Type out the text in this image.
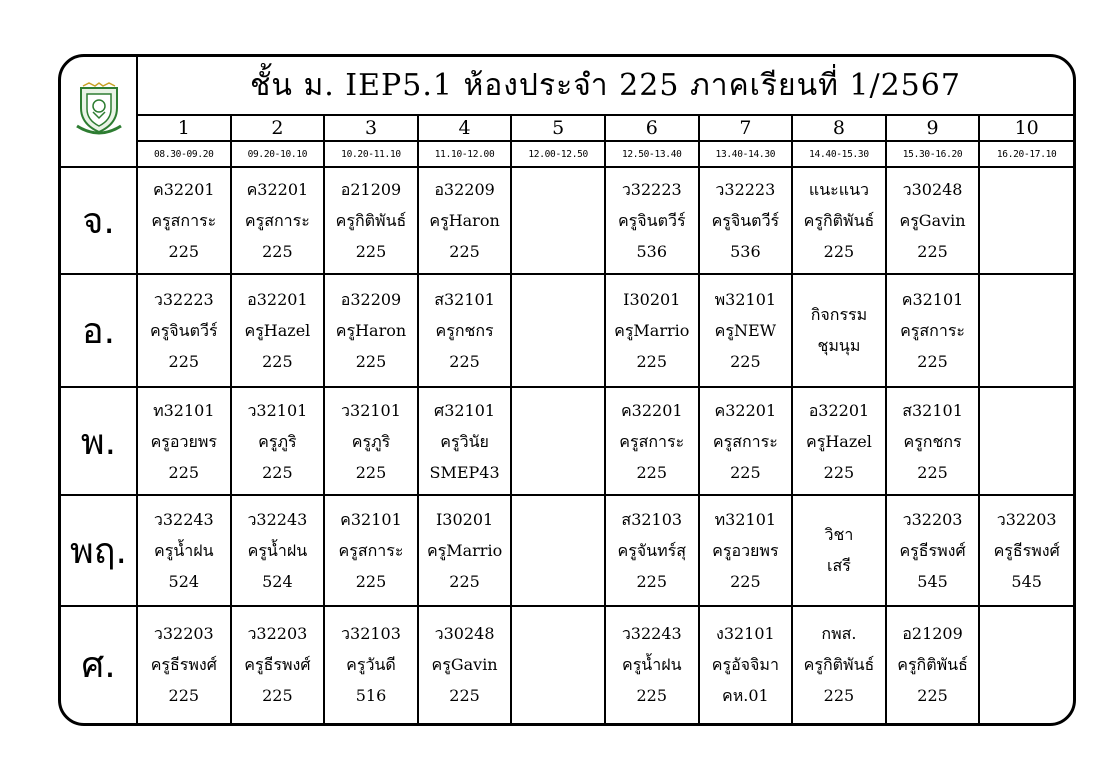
	ชั้น ม. IEP5.1 ห้องประจำ 225 ภาคเรียนที่ 1/2567									
	1	2	3	4	5	6	7	8	9	10
	08.30-09.20	09.20-10.10	10.20-11.10	11.10-12.00	12.00-12.50	12.50-13.40	13.40-14.30	14.40-15.30	15.30-16.20	16.20-17.10
จ.	ค32201
ครูสการะ
225	ค32201
ครูสการะ
225	อ21209
ครูกิติพันธ์
225	อ32209
ครูHaron
225		ว32223
ครูจินตวีร์
536	ว32223
ครูจินตวีร์
536	แนะแนว
ครูกิติพันธ์
225	ว30248
ครูGavin
225	

อ.	ว32223
ครูจินตวีร์
225	อ32201
ครูHazel
225	อ32209
ครูHaron
225	ส32101
ครูกชกร
225		I30201
ครูMarrio
225	พ32101
ครูNEW
225	กิจกรรม
ชุมนุม	ค32101
ครูสการะ
225	

พ.	ท32101
ครูอวยพร
225	ว32101
ครูภูริ
225	ว32101
ครูภูริ
225	ศ32101
ครูวินัย
SMEP43		ค32201
ครูสการะ
225	ค32201
ครูสการะ
225	อ32201
ครูHazel
225	ส32101
ครูกชกร
225	

พฤ.	ว32243
ครูน้ำฝน
524	ว32243
ครูน้ำฝน
524	ค32101
ครูสการะ
225	I30201
ครูMarrio
225		ส32103
ครูจันทร์สุ
225	ท32101
ครูอวยพร
225	วิชา
เสรี	ว32203
ครูธีรพงศ์
545	ว32203
ครูธีรพงศ์
545

ศ.	ว32203
ครูธีรพงศ์
225	ว32203
ครูธีรพงศ์
225	ว32103
ครูวันดี
516	ว30248
ครูGavin
225		ว32243
ครูน้ำฝน
225	ง32101
ครูอัจจิมา
คห.01	กพส.
ครูกิติพันธ์
225	อ21209
ครูกิติพันธ์
225	
